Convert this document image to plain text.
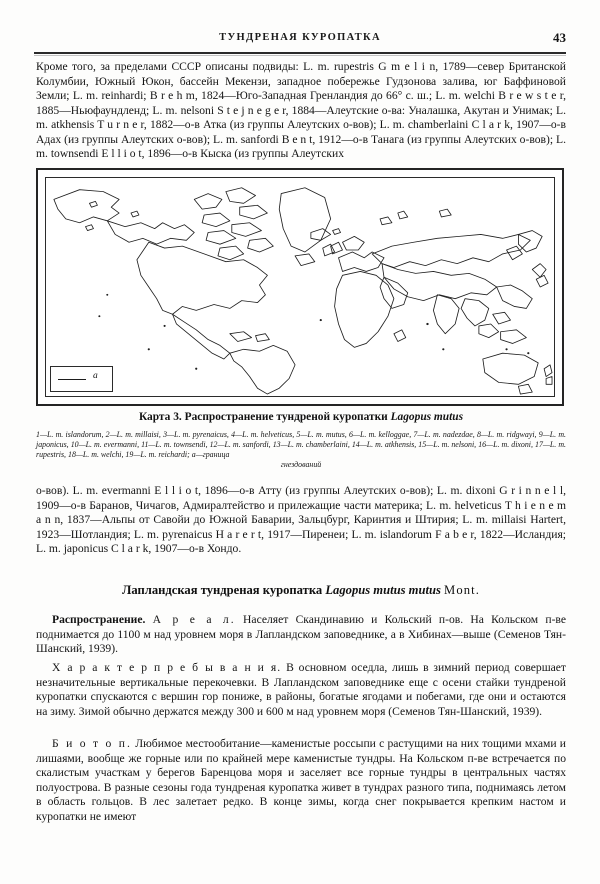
ТУНДРЕНАЯ КУРОПАТКА	43
Кроме того, за пределами СССР описаны подвиды: L. m. rupestris G m e l i n, 1789—север Британской Колумбии, Южный Юкон, бассейн Мекензи, западное побережье Гудзонова залива, юг Баффиновой Земли; L. m. reinhardi; B r e h m, 1824—Юго-Западная Гренландия до 66° с. ш.; L. m. welchi B r e w s t e r, 1885—Ньюфаундленд; L. m. nelsoni S t e j n e g e r, 1884—Алеутские о-ва: Уналашка, Акутан и Унимак; L. m. atkhensis T u r n e r, 1882—о-в Атка (из группы Алеутских о-вов); L. m. chamberlaini C l a r k, 1907—о-в Адах (из группы Алеутских о-вов); L. m. sanfordi B e n t, 1912—о-в Танага (из группы Алеутских о-вов); L. m. townsendi E l l i o t, 1896—о-в Кыска (из группы Алеутских
a
Карта 3. Распространение тундреной куропатки Lagopus mutus
1—L. m. islandorum, 2—L. m. millaisi, 3—L. m. pyrenaicus, 4—L. m. helveticus, 5—L. m. mutus, 6—L. m. kelloggae, 7—L. m. nadezdae, 8—L. m. ridgwayi, 9—L. m. japonicus, 10—L. m. evermanni, 11—L. m. townsendi, 12—L. m. sanfordi, 13—L. m. chamberlaini, 14—L. m. atkhensis, 15—L. m. nelsoni, 16—L. m. dixoni, 17—L. m. rupestris, 18—L. m. welchi, 19—L. m. reichardi; a—граница
гнездований
о-вов). L. m. evermanni E l l i o t, 1896—о-в Атту (из группы Алеутских о-вов); L. m. dixoni G r i n n e l l, 1909—о-в Баранов, Чичагов, Адмиралтейство и прилежащие части материка; L. m. helveticus T h i e n e m a n n, 1837—Альпы от Савойи до Южной Баварии, Зальцбург, Каринтия и Штирия; L. m. millaisi Hartert, 1923—Шотландия; L. m. pyrenaicus H a r e r t, 1917—Пиренеи; L. m. islandorum F a b e r, 1822—Исландия; L. m. japonicus C l a r k, 1907—о-в Хондо.
Лапландская тундреная куропатка Lagopus mutus mutus Mont.
Распространение. А р е а л. Населяет Скандинавию и Кольский п-ов. На Кольском п-ве поднимается до 1100 м над уровнем моря в Лапландском заповеднике, а в Хибинах—выше (Семенов Тян-Шанский, 1939).
Х а р а к т е р п р е б ы в а н и я. В основном оседла, лишь в зимний период совершает незначительные вертикальные перекочевки. В Лапландском заповеднике еще с осени стайки тундреной куропатки спускаются с вершин гор пониже, в районы, богатые ягодами и побегами, где они и остаются на зиму. Зимой обычно держатся между 300 и 600 м над уровнем моря (Семенов Тян-Шанский, 1939).
Б и о т о п. Любимое местообитание—каменистые россыпи с растущими на них тощими мхами и лишаями, вообще же горные или по крайней мере каменистые тундры. На Кольском п-ве встречается по скалистым участкам у берегов Баренцова моря и заселяет все горные тундры в центральных частях полуострова. В разные сезоны года тундреная куропатка живет в тундрах разного типа, поднимаясь летом в область гольцов. В лес залетает редко. В конце зимы, когда снег покрывается крепким настом и куропатки не имеют
